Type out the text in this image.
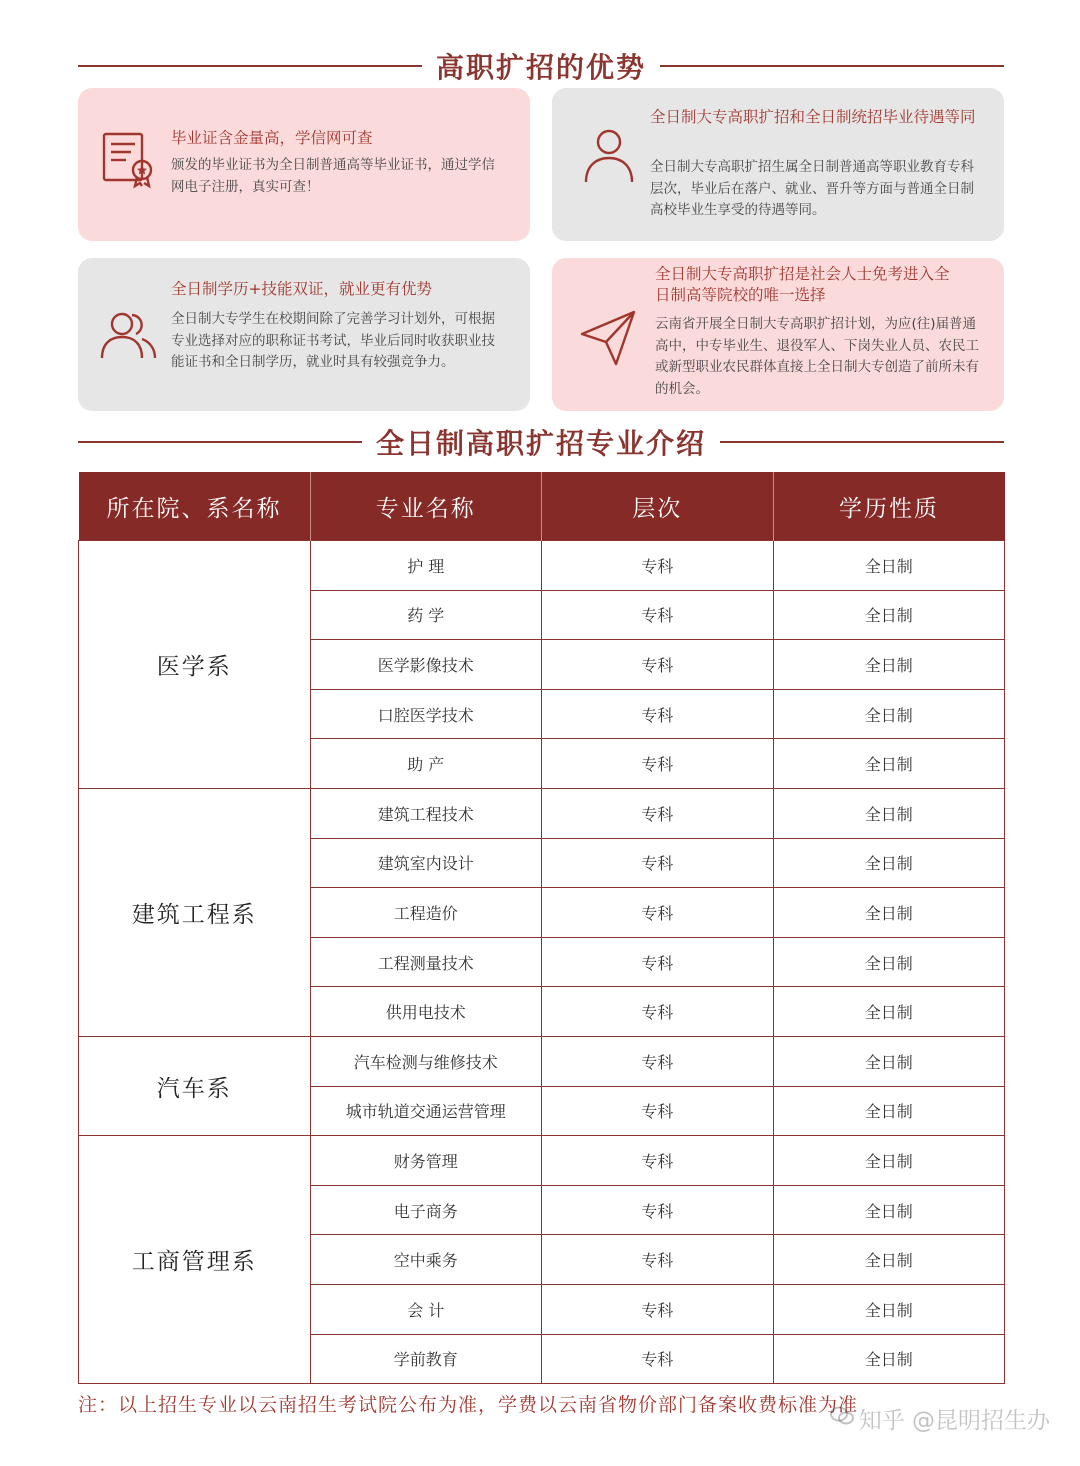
高职扩招的优势
毕业证含金量高，学信网可查
颁发的毕业证书为全日制普通高等毕业证书，通过学信网电子注册，真实可查！
全日制大专高职扩招和全日制统招毕业待遇等同
全日制大专高职扩招生属全日制普通高等职业教育专科层次，毕业后在落户、就业、晋升等方面与普通全日制高校毕业生享受的待遇等同。
全日制学历+技能双证，就业更有优势
全日制大专学生在校期间除了完善学习计划外，可根据专业选择对应的职称证书考试，毕业后同时收获职业技能证书和全日制学历，就业时具有较强竞争力。
全日制大专高职扩招是社会人士免考进入全日制高等院校的唯一选择
云南省开展全日制大专高职扩招计划，为应(往)届普通高中，中专毕业生、退役军人、下岗失业人员、农民工或新型职业农民群体直接上全日制大专创造了前所未有的机会。
全日制高职扩招专业介绍
所在院、系名称	专业名称	层次	学历性质
医学系	护 理	专科	全日制
	药 学	专科	全日制
	医学影像技术	专科	全日制
	口腔医学技术	专科	全日制
	助 产	专科	全日制
建筑工程系	建筑工程技术	专科	全日制
	建筑室内设计	专科	全日制
	工程造价	专科	全日制
	工程测量技术	专科	全日制
	供用电技术	专科	全日制
汽车系	汽车检测与维修技术	专科	全日制
	城市轨道交通运营管理	专科	全日制
工商管理系	财务管理	专科	全日制
	电子商务	专科	全日制
	空中乘务	专科	全日制
	会 计	专科	全日制
	学前教育	专科	全日制
注：以上招生专业以云南招生考试院公布为准，学费以云南省物价部门备案收费标准为准
知乎 @昆明招生办
